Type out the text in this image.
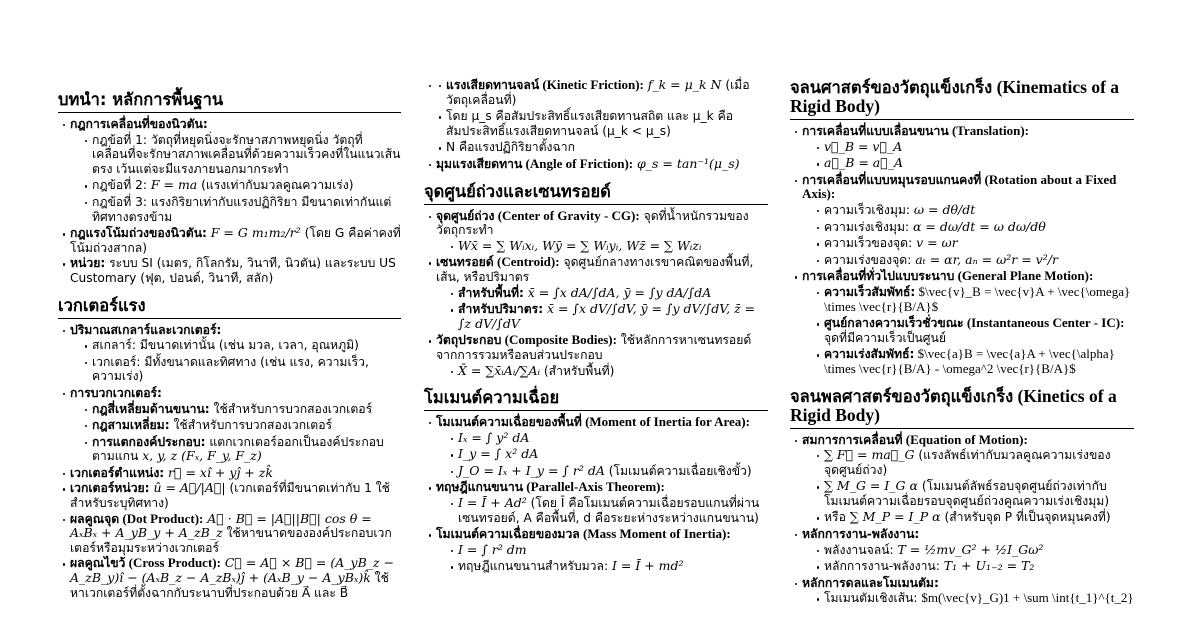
บทนำ: หลักการพื้นฐาน
กฎการเคลื่อนที่ของนิวตัน:
กฎข้อที่ 1: วัตถุที่หยุดนิ่งจะรักษาสภาพหยุดนิ่ง วัตถุที่เคลื่อนที่จะรักษาสภาพเคลื่อนที่ด้วยความเร็วคงที่ในแนวเส้นตรง เว้นแต่จะมีแรงภายนอกมากระทำ
กฎข้อที่ 2: F = ma (แรงเท่ากับมวลคูณความเร่ง)
กฎข้อที่ 3: แรงกิริยาเท่ากับแรงปฏิกิริยา มีขนาดเท่ากันแต่ทิศทางตรงข้าม
กฎแรงโน้มถ่วงของนิวตัน: F = G m₁m₂/r² (โดย G คือค่าคงที่โน้มถ่วงสากล)
หน่วย: ระบบ SI (เมตร, กิโลกรัม, วินาที, นิวตัน) และระบบ US Customary (ฟุต, ปอนด์, วินาที, สลัก)
เวกเตอร์แรง
ปริมาณสเกลาร์และเวกเตอร์:
สเกลาร์: มีขนาดเท่านั้น (เช่น มวล, เวลา, อุณหภูมิ)
เวกเตอร์: มีทั้งขนาดและทิศทาง (เช่น แรง, ความเร็ว, ความเร่ง)
การบวกเวกเตอร์:
กฎสี่เหลี่ยมด้านขนาน: ใช้สำหรับการบวกสองเวกเตอร์
กฎสามเหลี่ยม: ใช้สำหรับการบวกสองเวกเตอร์
การแตกองค์ประกอบ: แตกเวกเตอร์ออกเป็นองค์ประกอบตามแกน x, y, z (Fₓ, F_y, F_z)
เวกเตอร์ตำแหน่ง: r⃗ = xî + yĵ + zk̂
เวกเตอร์หน่วย: û = A⃗/|A⃗| (เวกเตอร์ที่มีขนาดเท่ากับ 1 ใช้สำหรับระบุทิศทาง)
ผลคูณจุด (Dot Product): A⃗ · B⃗ = |A⃗||B⃗| cos θ = AₓBₓ + A_yB_y + A_zB_z ใช้หาขนาดขององค์ประกอบเวกเตอร์หรือมุมระหว่างเวกเตอร์
ผลคูณไขว้ (Cross Product): C⃗ = A⃗ × B⃗ = (A_yB_z − A_zB_y)î − (AₓB_z − A_zBₓ)ĵ + (AₓB_y − A_yBₓ)k̂ ใช้หาเวกเตอร์ที่ตั้งฉากกับระนาบที่ประกอบด้วย A⃗ และ B⃗
แรงเสียดทานจลน์ (Kinetic Friction): f_k = μ_k N (เมื่อวัตถุเคลื่อนที่)
โดย μ_s คือสัมประสิทธิ์แรงเสียดทานสถิต และ μ_k คือสัมประสิทธิ์แรงเสียดทานจลน์ (μ_k < μ_s)
N คือแรงปฏิกิริยาตั้งฉาก
มุมแรงเสียดทาน (Angle of Friction): φ_s = tan⁻¹(μ_s)
จุดศูนย์ถ่วงและเซนทรอยด์
จุดศูนย์ถ่วง (Center of Gravity - CG): จุดที่น้ำหนักรวมของวัตถุกระทำ
Wx̄ = ∑ Wᵢxᵢ, Wȳ = ∑ Wᵢyᵢ, Wz̄ = ∑ Wᵢzᵢ
เซนทรอยด์ (Centroid): จุดศูนย์กลางทางเรขาคณิตของพื้นที่, เส้น, หรือปริมาตร
สำหรับพื้นที่: x̄ = ∫x dA/∫dA, ȳ = ∫y dA/∫dA
สำหรับปริมาตร: x̄ = ∫x dV/∫dV, ȳ = ∫y dV/∫dV, z̄ = ∫z dV/∫dV
วัตถุประกอบ (Composite Bodies): ใช้หลักการหาเซนทรอยด์จากการรวมหรือลบส่วนประกอบ
X̄ = ∑x̄ᵢAᵢ/∑Aᵢ (สำหรับพื้นที่)
โมเมนต์ความเฉื่อย
โมเมนต์ความเฉื่อยของพื้นที่ (Moment of Inertia for Area):
Iₓ = ∫ y² dA
I_y = ∫ x² dA
J_O = Iₓ + I_y = ∫ r² dA (โมเมนต์ความเฉื่อยเชิงขั้ว)
ทฤษฎีแกนขนาน (Parallel-Axis Theorem):
I = Ī + Ad² (โดย Ī คือโมเมนต์ความเฉื่อยรอบแกนที่ผ่านเซนทรอยด์, A คือพื้นที่, d คือระยะห่างระหว่างแกนขนาน)
โมเมนต์ความเฉื่อยของมวล (Mass Moment of Inertia):
I = ∫ r² dm
ทฤษฎีแกนขนานสำหรับมวล: I = Ī + md²
จลนศาสตร์ของวัตถุแข็งเกร็ง (Kinematics of a Rigid Body)
การเคลื่อนที่แบบเลื่อนขนาน (Translation):
v⃗_B = v⃗_A
a⃗_B = a⃗_A
การเคลื่อนที่แบบหมุนรอบแกนคงที่ (Rotation about a Fixed Axis):
ความเร็วเชิงมุม: ω = dθ/dt
ความเร่งเชิงมุม: α = dω/dt = ω dω/dθ
ความเร็วของจุด: v = ωr
ความเร่งของจุด: aₜ = αr, aₙ = ω²r = v²/r
การเคลื่อนที่ทั่วไปแบบระนาบ (General Plane Motion):
ความเร็วสัมพัทธ์: $\vec{v}_B = \vec{v}A + \vec{\omega} \times \vec{r}{B/A}$
ศูนย์กลางความเร็วชั่วขณะ (Instantaneous Center - IC): จุดที่มีความเร็วเป็นศูนย์
ความเร่งสัมพัทธ์: $\vec{a}B = \vec{a}A + \vec{\alpha} \times \vec{r}{B/A} - \omega^2 \vec{r}{B/A}$
จลนพลศาสตร์ของวัตถุแข็งเกร็ง (Kinetics of a Rigid Body)
สมการการเคลื่อนที่ (Equation of Motion):
∑ F⃗ = ma⃗_G (แรงลัพธ์เท่ากับมวลคูณความเร่งของจุดศูนย์ถ่วง)
∑ M_G = I_G α (โมเมนต์ลัพธ์รอบจุดศูนย์ถ่วงเท่ากับโมเมนต์ความเฉื่อยรอบจุดศูนย์ถ่วงคูณความเร่งเชิงมุม)
หรือ ∑ M_P = I_P α (สำหรับจุด P ที่เป็นจุดหมุนคงที่)
หลักการงาน-พลังงาน:
พลังงานจลน์: T = ½mv_G² + ½I_Gω²
หลักการงาน-พลังงาน: T₁ + U₁₋₂ = T₂
หลักการดลและโมเมนตัม:
โมเมนตัมเชิงเส้น: $m(\vec{v}_G)1 + \sum \int{t_1}^{t_2}
